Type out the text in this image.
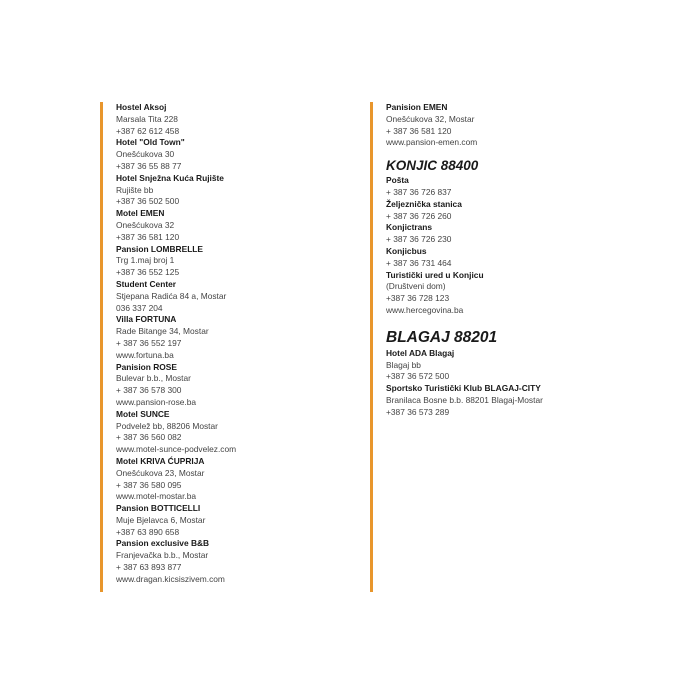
Hostel Aksoj
Marsala Tita 228
+387 62 612 458
Hotel "Old Town"
Onešćukova 30
+387 36 55 88 77
Hotel Snježna Kuća Rujište
Rujište bb
+387 36 502 500
Motel EMEN
Onešćukova 32
+387 36 581 120
Pansion LOMBRELLE
Trg 1.maj broj 1
+387 36 552 125
Student Center
Stjepana Radića 84 a, Mostar
036 337 204
Villa FORTUNA
Rade Bitange 34, Mostar
+ 387 36 552 197
www.fortuna.ba
Panision ROSE
Bulevar b.b., Mostar
+ 387 36 578 300
www.pansion-rose.ba
Motel SUNCE
Podvelež bb, 88206 Mostar
+ 387 36 560 082
www.motel-sunce-podvelez.com
Motel KRIVA ĆUPRIJA
Onešćukova 23, Mostar
+ 387 36 580 095
www.motel-mostar.ba
Pansion BOTTICELLI
Muje Bjelavca 6, Mostar
+387 63 890 658
Pansion exclusive B&B
Franjevačka b.b., Mostar
+ 387 63 893 877
www.dragan.kicsiszivem.com
Panision EMEN
Onešćukova 32, Mostar
+ 387 36 581 120
www.pansion-emen.com
KONJIC 88400
Pošta
+ 387 36 726 837
Željeznička stanica
+ 387 36 726 260
Konjictrans
+ 387 36 726 230
Konjicbus
+ 387 36 731 464
Turistički ured u Konjicu
(Društveni dom)
+387 36 728 123
www.hercegovina.ba
BLAGAJ 88201
Hotel ADA Blagaj
Blagaj bb
+387 36 572 500
Sportsko Turistički Klub BLAGAJ-CITY
Branilaca Bosne b.b. 88201 Blagaj-Mostar
+387 36 573 289
